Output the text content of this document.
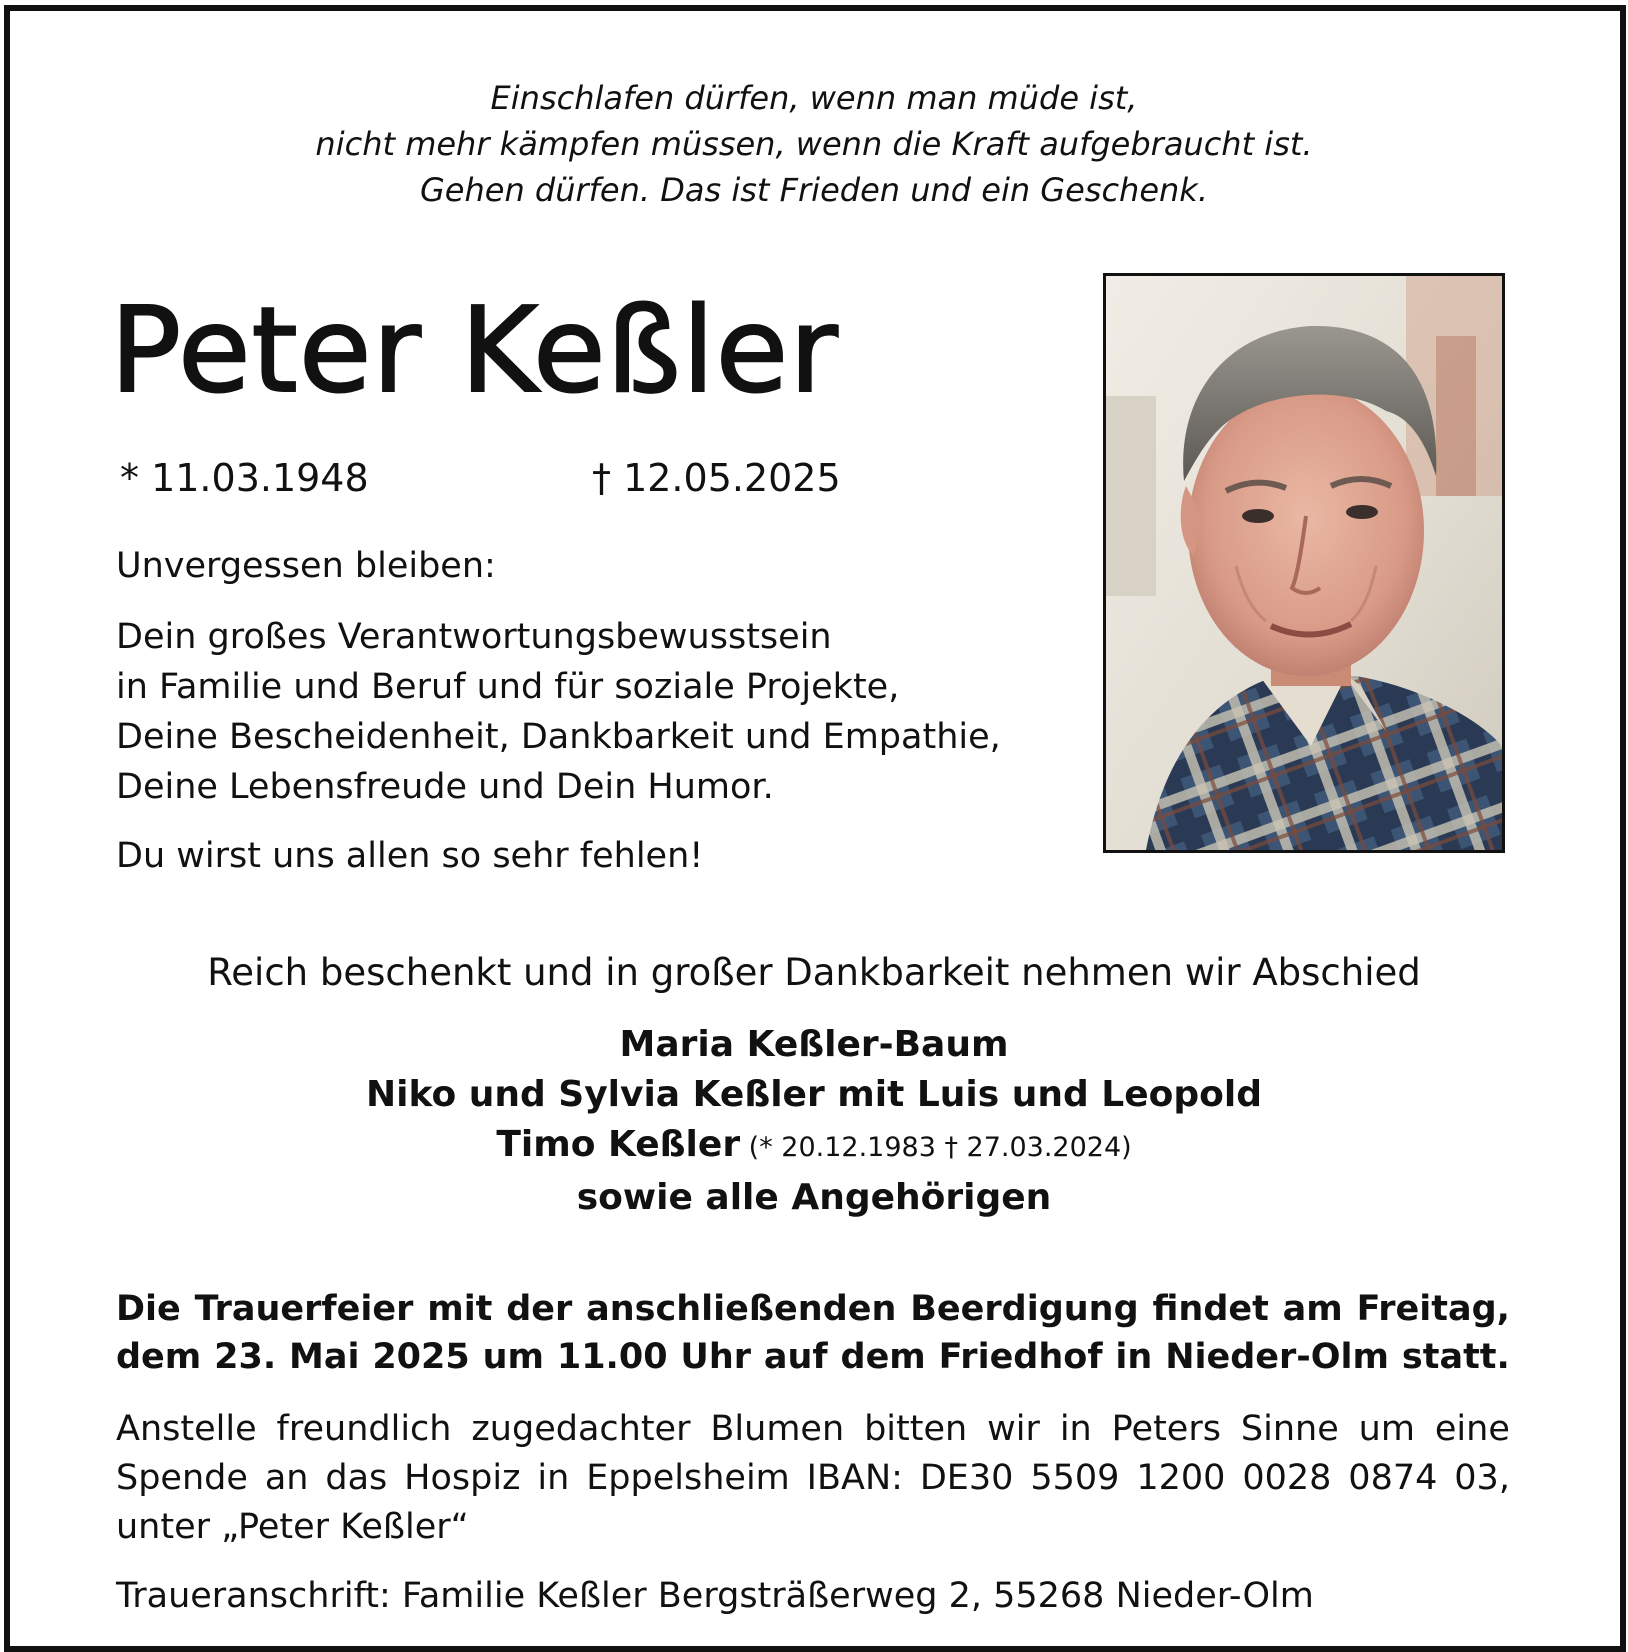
Einschlafen dürfen, wenn man müde ist,
nicht mehr kämpfen müssen, wenn die Kraft aufgebraucht ist.
Gehen dürfen. Das ist Frieden und ein Geschenk.
Peter Keßler
* 11.03.1948	† 12.05.2025
Unvergessen bleiben:
Dein großes Verantwortungsbewusstsein
in Familie und Beruf und für soziale Projekte,
Deine Bescheidenheit, Dankbarkeit und Empathie,
Deine Lebensfreude und Dein Humor.
Du wirst uns allen so sehr fehlen!
Reich beschenkt und in großer Dankbarkeit nehmen wir Abschied
Maria Keßler-Baum
Niko und Sylvia Keßler mit Luis und Leopold
Timo Keßler (* 20.12.1983 † 27.03.2024)
sowie alle Angehörigen
Die Trauerfeier mit der anschließenden Beerdigung findet am Freitag,
dem 23. Mai 2025 um 11.00 Uhr auf dem Friedhof in Nieder-Olm statt.
Anstelle freundlich zugedachter Blumen bitten wir in Peters Sinne um eine
Spende an das Hospiz in Eppelsheim IBAN: DE30 5509 1200 0028 0874 03,
unter „Peter Keßler“
Traueranschrift: Familie Keßler Bergsträßerweg 2, 55268 Nieder-Olm
